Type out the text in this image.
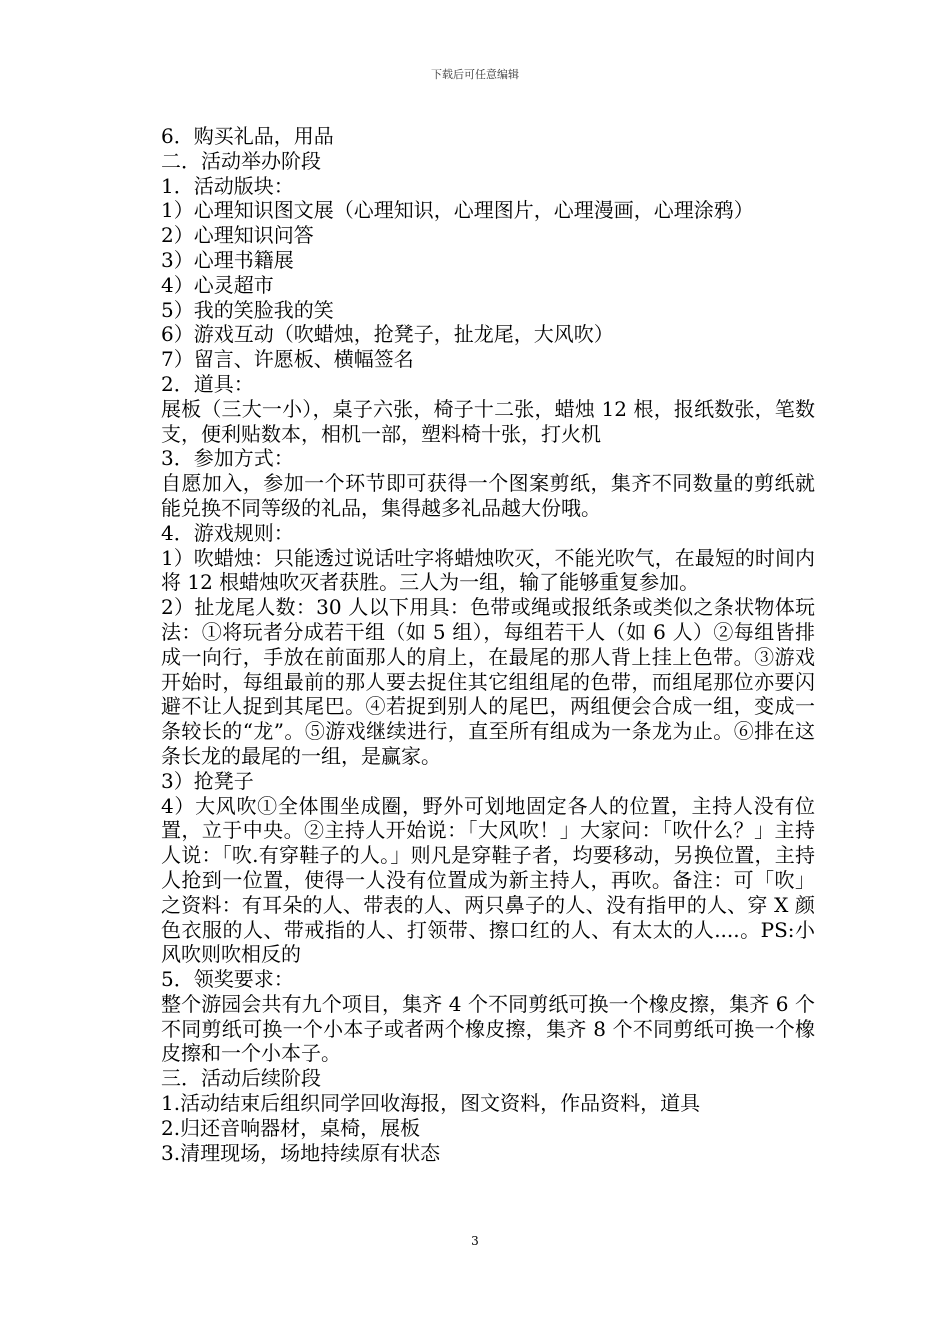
下载后可任意编辑

6．购买礼品，用品

二．活动举办阶段

1．活动版块：

1）心理知识图文展（心理知识，心理图片，心理漫画，心理涂鸦）

2）心理知识问答

3）心理书籍展

4）心灵超市

5）我的笑脸我的笑

6）游戏互动（吹蜡烛，抢凳子，扯龙尾，大风吹）

7）留言、许愿板、横幅签名

2．道具：

展板（三大一小），桌子六张，椅子十二张，蜡烛 12 根，报纸数张，笔数支，便利贴数本，相机一部，塑料椅十张，打火机

3．参加方式：

自愿加入，参加一个环节即可获得一个图案剪纸，集齐不同数量的剪纸就能兑换不同等级的礼品，集得越多礼品越大份哦。

4．游戏规则：

1）吹蜡烛：只能透过说话吐字将蜡烛吹灭，不能光吹气，在最短的时间内将 12 根蜡烛吹灭者获胜。三人为一组，输了能够重复参加。

2）扯龙尾人数：30 人以下用具：色带或绳或报纸条或类似之条状物体玩法：①将玩者分成若干组（如 5 组），每组若干人（如 6 人）②每组皆排成一向行，手放在前面那人的肩上，在最尾的那人背上挂上色带。③游戏开始时，每组最前的那人要去捉住其它组组尾的色带，而组尾那位亦要闪避不让人捉到其尾巴。④若捉到别人的尾巴，两组便会合成一组，变成一条较长的“龙”。⑤游戏继续进行，直至所有组成为一条龙为止。⑥排在这条长龙的最尾的一组，是赢家。

3）抢凳子

4）大风吹①全体围坐成圈，野外可划地固定各人的位置，主持人没有位置，立于中央。②主持人开始说：「大风吹！」大家问：「吹什么？」主持人说：「吹.有穿鞋子的人。」则凡是穿鞋子者，均要移动，另换位置，主持人抢到一位置，使得一人没有位置成为新主持人，再吹。备注：可「吹」之资料：有耳朵的人、带表的人、两只鼻子的人、没有指甲的人、穿 X 颜色衣服的人、带戒指的人、打领带、擦口红的人、有太太的人....。PS:小风吹则吹相反的

5．领奖要求：

整个游园会共有九个项目，集齐 4 个不同剪纸可换一个橡皮擦，集齐 6 个不同剪纸可换一个小本子或者两个橡皮擦，集齐 8 个不同剪纸可换一个橡皮擦和一个小本子。

三．活动后续阶段

1.活动结束后组织同学回收海报，图文资料，作品资料，道具

2.归还音响器材，桌椅，展板

3.清理现场，场地持续原有状态

3
